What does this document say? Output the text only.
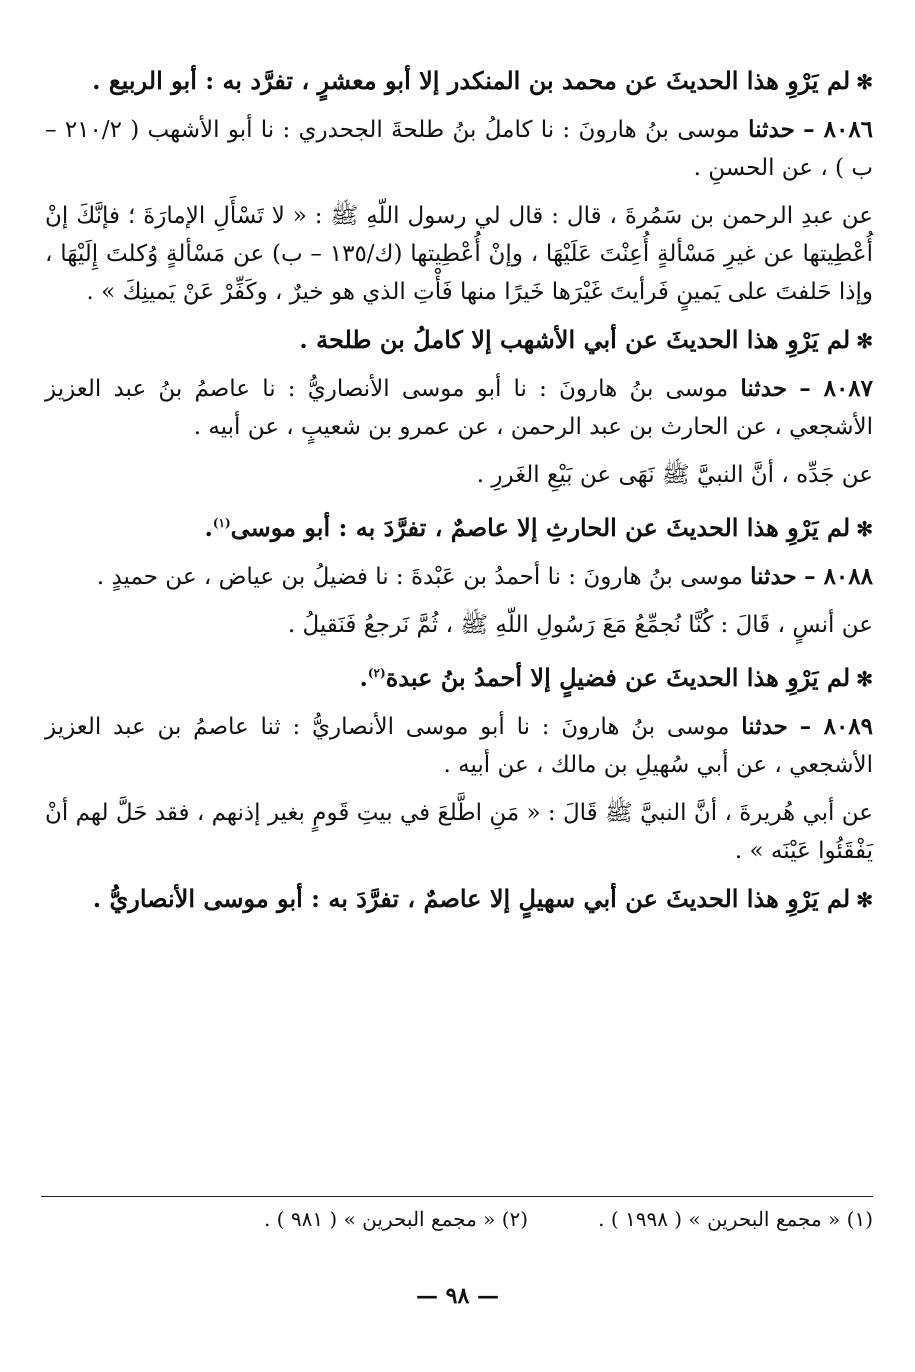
✻لم يَرْوِ هذا الحديثَ عن محمد بن المنكدر إلا أبو معشرٍ ، تفرَّد به : أبو الربيع .

٨٠٨٦ – حدثنا موسى بنُ هارونَ : نا كاملُ بنُ طلحةَ الجحدري : نا أبو الأشهب ( ٢١٠/٢ – ب ) ، عن الحسنِ .

عن عبدِ الرحمن بن سَمُرةَ ، قال : قال لي رسول اللّهِ ﷺ : « لا تَسْأَلِ الإمارَةَ ؛ فإنَّكَ إنْ أُعْطِيتها عن غيرِ مَسْألةٍ أُعِنْتَ عَلَيْهَا ، وإنْ أُعْطِيتها (ك/١٣٥ – ب) عن مَسْألةٍ وُكلتَ إِلَيْهَا ، وإذا حَلفتَ على يَمينٍ فَرأيتَ غَيْرَها خَيرًا منها فَأْتِ الذي هو خيرٌ ، وكَفِّرْ عَنْ يَمينِكَ » .

✻لم يَرْوِ هذا الحديثَ عن أبي الأشهب إلا كاملُ بن طلحة .

٨٠٨٧ – حدثنا موسى بنُ هارونَ : نا أبو موسى الأنصاريُّ : نا عاصمُ بنُ عبد العزيز الأشجعي ، عن الحارث بن عبد الرحمن ، عن عمرو بن شعيبٍ ، عن أبيه .

عن جَدِّه ، أنَّ النبيَّ ﷺ نَهَى عن بَيْعِ الغَررِ .

✻لم يَرْوِ هذا الحديثَ عن الحارثِ إلا عاصمٌ ، تفرَّدَ به : أبو موسى$^{(١)}$.

٨٠٨٨ – حدثنا موسى بنُ هارونَ : نا أحمدُ بن عَبْدةَ : نا فضيلُ بن عياض ، عن حميدٍ .

عن أنسٍ ، قَالَ : كُنَّا نُجمِّعُ مَعَ رَسُولِ اللّهِ ﷺ ، ثُمَّ نَرجعُ فَنَقيلُ .

✻لم يَرْوِ هذا الحديثَ عن فضيلٍ إلا أحمدُ بنُ عبدة$^{(٢)}$.

٨٠٨٩ – حدثنا موسى بنُ هارونَ : نا أبو موسى الأنصاريُّ : ثنا عاصمُ بن عبد العزيز الأشجعي ، عن أبي سُهيلِ بن مالك ، عن أبيه .

عن أبي هُريرةَ ، أنَّ النبيَّ ﷺ قَالَ : « مَنِ اطَّلعَ في بيتِ قَومٍ بغير إذنهم ، فقد حَلَّ لهم أنْ يَفْقَئُوا عَيْنَه » .

✻لم يَرْوِ هذا الحديثَ عن أبي سهيلٍ إلا عاصمٌ ، تفرَّدَ به : أبو موسى الأنصاريُّ .

(١) « مجمع البحرين » ( ١٩٩٨ ) .
(٢) « مجمع البحرين » ( ٩٨١ ) .
— ٩٨ —
